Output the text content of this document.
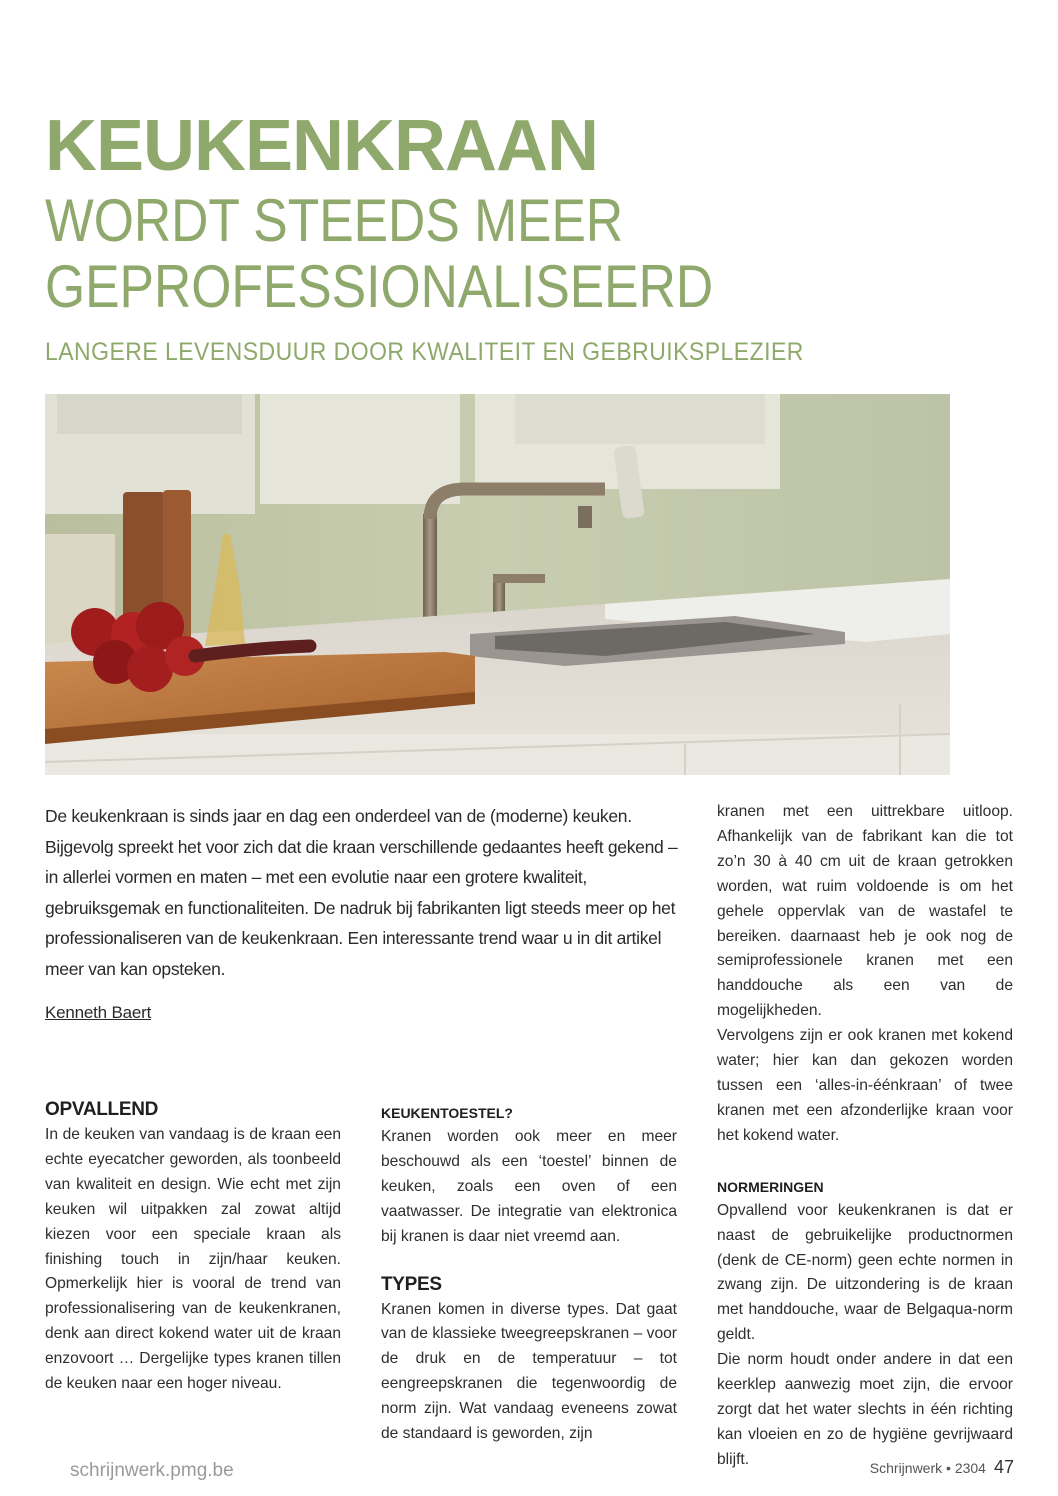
KEUKENKRAAN
WORDT STEEDS MEER
GEPROFESSIONALISEERD
LANGERE LEVENSDUUR DOOR KWALITEIT EN GEBRUIKSPLEZIER
De keukenkraan is sinds jaar en dag een onderdeel van de (moderne) keuken. Bijgevolg spreekt het voor zich dat die kraan verschillende gedaantes heeft gekend – in allerlei vormen en maten – met een evolutie naar een grotere kwaliteit, gebruiksgemak en functionaliteiten. De nadruk bij fabrikanten ligt steeds meer op het professionaliseren van de keukenkraan. Een interessante trend waar u in dit artikel meer van kan opsteken.
Kenneth Baert
OPVALLEND

In de keuken van vandaag is de kraan een echte eyecatcher geworden, als toonbeeld van kwaliteit en design. Wie echt met zijn keuken wil uitpakken zal zowat altijd kiezen voor een speciale kraan als finishing touch in zijn/haar keuken. Opmerkelijk hier is vooral de trend van professionalisering van de keukenkranen, denk aan direct kokend water uit de kraan enzovoort … Dergelijke types kranen tillen de keuken naar een hoger niveau.

KEUKENTOESTEL?

Kranen worden ook meer en meer beschouwd als een ‘toestel’ binnen de keuken, zoals een oven of een vaatwasser. De integratie van elektronica bij kranen is daar niet vreemd aan.

TYPES

Kranen komen in diverse types. Dat gaat van de klassieke tweegreepskranen – voor de druk en de temperatuur – tot eengreepskranen die tegenwoordig de norm zijn. Wat vandaag eveneens zowat de standaard is geworden, zijn

kranen met een uittrekbare uitloop. Afhankelijk van de fabrikant kan die tot zo’n 30 à 40 cm uit de kraan getrokken worden, wat ruim voldoende is om het gehele oppervlak van de wastafel te bereiken. daarnaast heb je ook nog de semiprofessionele kranen met een handdouche als een van de mogelijkheden.

Vervolgens zijn er ook kranen met kokend water; hier kan dan gekozen worden tussen een ‘alles-in-éénkraan’ of twee kranen met een afzonderlijke kraan voor het kokend water.

NORMERINGEN

Opvallend voor keukenkranen is dat er naast de gebruikelijke productnormen (denk de CE-norm) geen echte normen in zwang zijn. De uitzondering is de kraan met handdouche, waar de Belgaqua-norm geldt.

Die norm houdt onder andere in dat een keerklep aanwezig moet zijn, die ervoor zorgt dat het water slechts in één richting kan vloeien en zo de hygiëne gevrijwaard blijft.

schrijnwerk.pmg.be	Schrijnwerk • 2304 47
